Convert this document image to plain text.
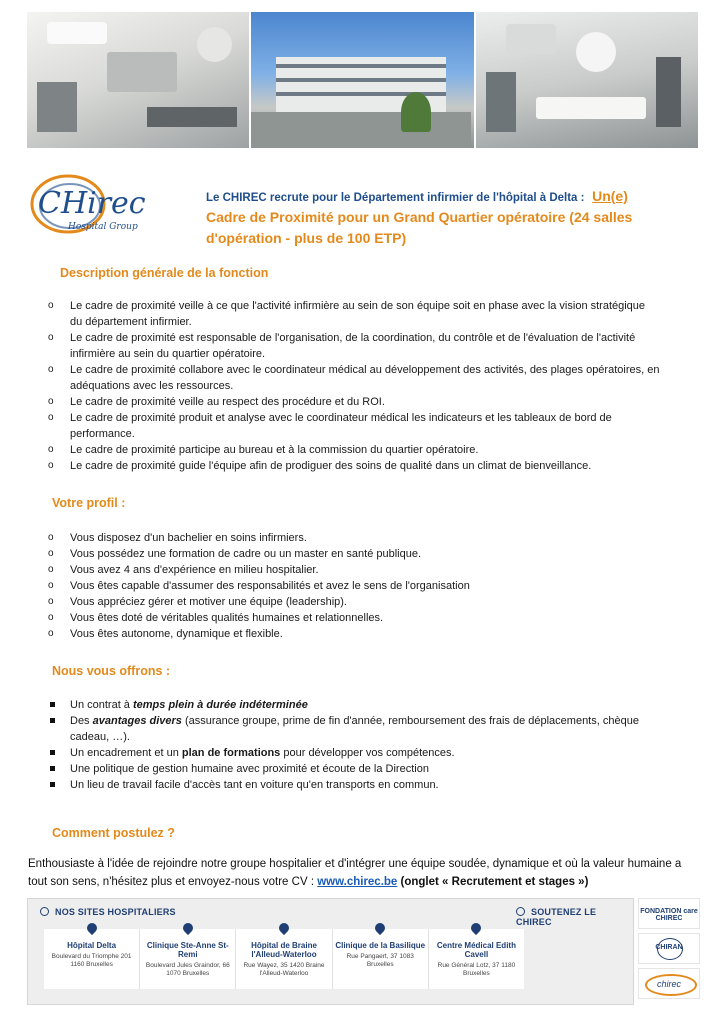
CHirec
Hospital Group
Le CHIREC recrute pour le Département infirmier de l'hôpital à Delta : Un(e)
Cadre de Proximité pour un Grand Quartier opératoire (24 salles d'opération - plus de 100 ETP)
Description générale de la fonction
o Le cadre de proximité veille à ce que l'activité infirmière au sein de son équipe soit en phase avec la vision stratégique du département infirmier.
o Le cadre de proximité est responsable de l'organisation, de la coordination, du contrôle et de l'évaluation de l'activité infirmière au sein du quartier opératoire.
o Le cadre de proximité collabore avec le coordinateur médical au développement des activités, des plages opératoires, en adéquations avec les ressources.
o Le cadre de proximité veille au respect des procédure et du ROI.
o Le cadre de proximité produit et analyse avec le coordinateur médical les indicateurs et les tableaux de bord de performance.
o Le cadre de proximité participe au bureau et à la commission du quartier opératoire.
o Le cadre de proximité guide l'équipe afin de prodiguer des soins de qualité dans un climat de bienveillance.
Votre profil :
o Vous disposez d'un bachelier en soins infirmiers.
o Vous possédez une formation de cadre ou un master en santé publique.
o Vous avez 4 ans d'expérience en milieu hospitalier.
o Vous êtes capable d'assumer des responsabilités et avez le sens de l'organisation
o Vous appréciez gérer et motiver une équipe (leadership).
o Vous êtes doté de véritables qualités humaines et relationnelles.
o Vous êtes autonome, dynamique et flexible.
Nous vous offrons :
Un contrat à temps plein à durée indéterminée
Des avantages divers (assurance groupe, prime de fin d'année, remboursement des frais de déplacements, chèque cadeau, …).
Un encadrement et un plan de formations pour développer vos compétences.
Une politique de gestion humaine avec proximité et écoute de la Direction
Un lieu de travail facile d'accès tant en voiture qu'en transports en commun.
Comment postulez ?
Enthousiaste à l'idée de rejoindre notre groupe hospitalier et d'intégrer une équipe soudée, dynamique et où la valeur humaine a tout son sens, n'hésitez plus et envoyez-nous votre CV : www.chirec.be (onglet « Recrutement et stages »)
NOS SITES HOSPITALIERS	SOUTENEZ LE CHIREC
Hôpital Delta
Boulevard du Triomphe 201 1160 Bruxelles
Clinique Ste-Anne St-Remi
Boulevard Jules Graindor, 66 1070 Bruxelles
Hôpital de Braine l'Alleud-Waterloo
Rue Wayez, 35 1420 Braine l'Alleud-Waterloo
Clinique de la Basilique
Rue Pangaert, 37 1083 Bruxelles
Centre Médical Edith Cavell
Rue Général Lotz, 37 1180 Bruxelles
FONDATION care CHIREC
CHIRAN
chirec
